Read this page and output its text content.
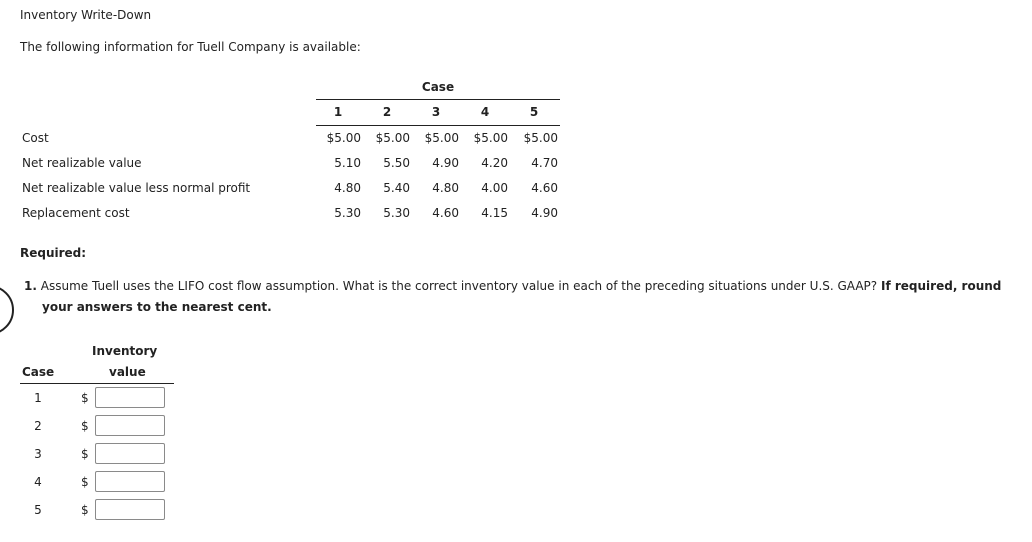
Inventory Write-Down
The following information for Tuell Company is available:
Case
1	2	3	4	5
Cost	$5.00	$5.00	$5.00	$5.00	$5.00
Net realizable value	5.10	5.50	4.90	4.20	4.70
Net realizable value less normal profit	4.80	5.40	4.80	4.00	4.60
Replacement cost	5.30	5.30	4.60	4.15	4.90
Required:
1. Assume Tuell uses the LIFO cost flow assumption. What is the correct inventory value in each of the preceding situations under U.S. GAAP? If required, round
your answers to the nearest cent.
Inventory
Case	value
1	$
2	$
3	$
4	$
5	$
